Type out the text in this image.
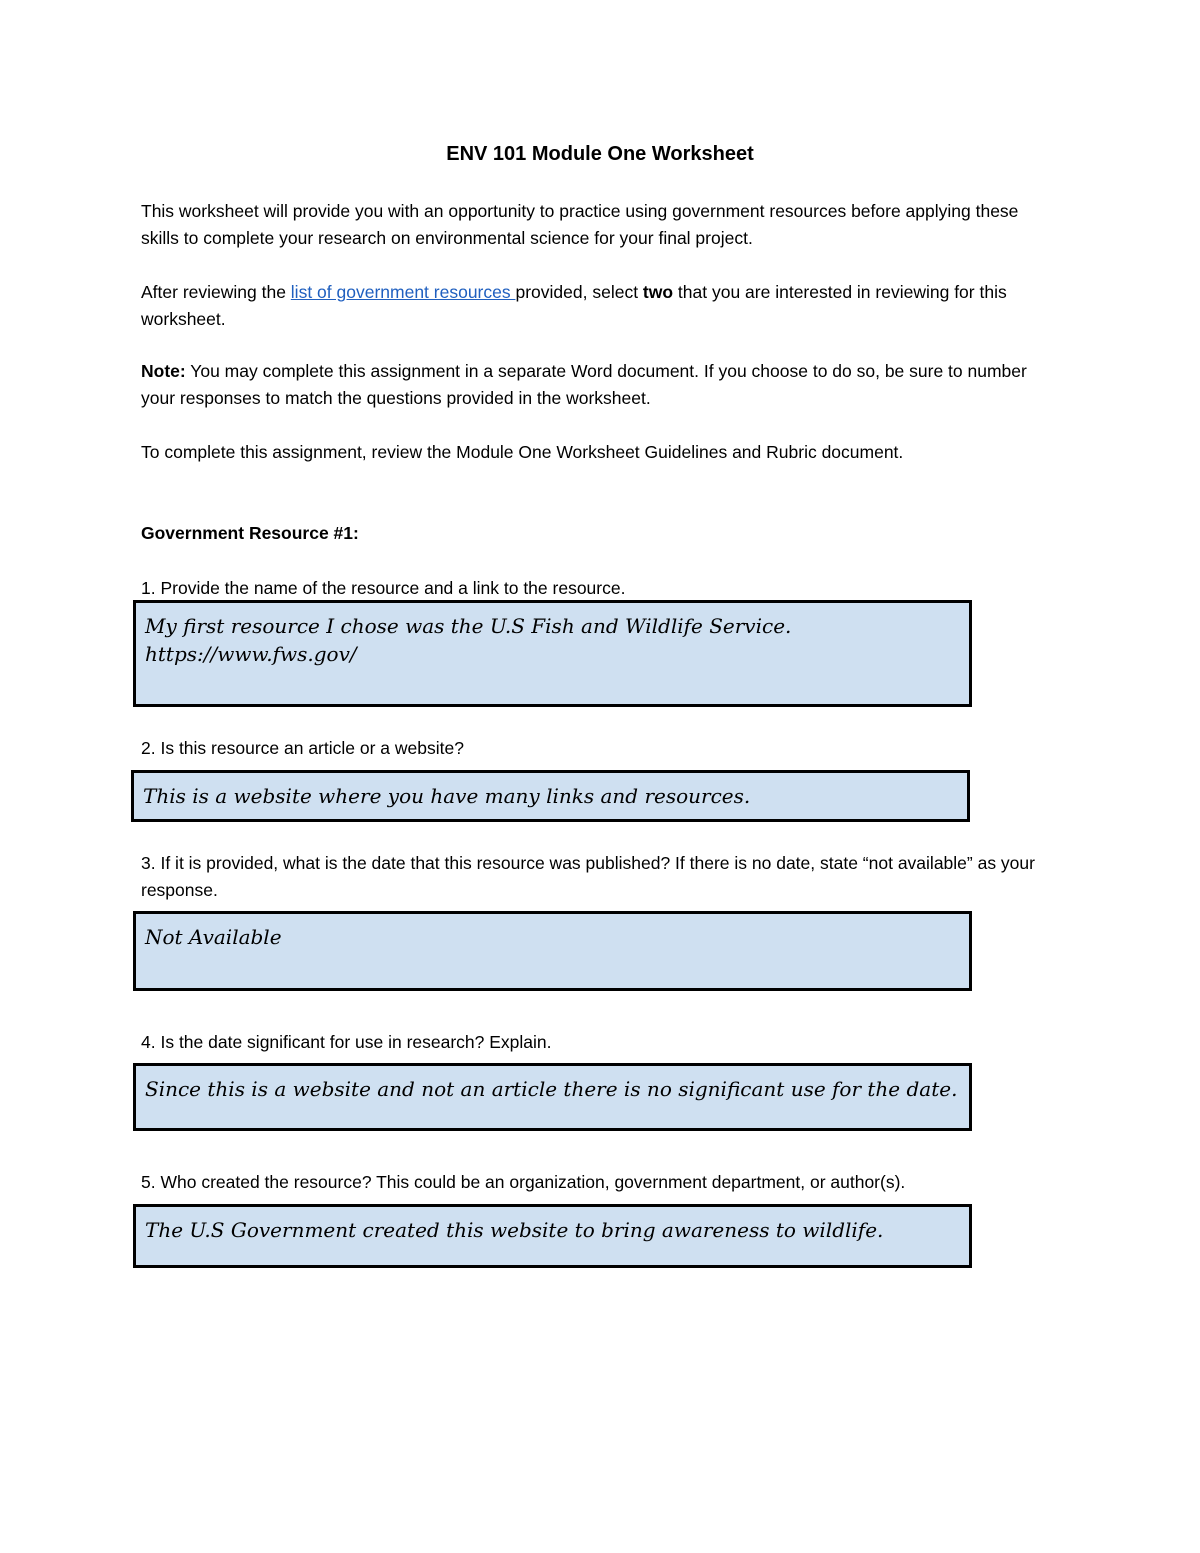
ENV 101 Module One Worksheet
This worksheet will provide you with an opportunity to practice using government resources before applying these skills to complete your research on environmental science for your final project.
After reviewing the list of government resources provided, select two that you are interested in reviewing for this worksheet.
Note: You may complete this assignment in a separate Word document. If you choose to do so, be sure to number your responses to match the questions provided in the worksheet.
To complete this assignment, review the Module One Worksheet Guidelines and Rubric document.
Government Resource #1:
1. Provide the name of the resource and a link to the resource.
My first resource I chose was the U.S Fish and Wildlife Service.
https://www.fws.gov/
2. Is this resource an article or a website?
This is a website where you have many links and resources.
3. If it is provided, what is the date that this resource was published? If there is no date, state “not available” as your response.
Not Available
4. Is the date significant for use in research? Explain.
Since this is a website and not an article there is no significant use for the date.
5. Who created the resource? This could be an organization, government department, or author(s).
The U.S Government created this website to bring awareness to wildlife.
